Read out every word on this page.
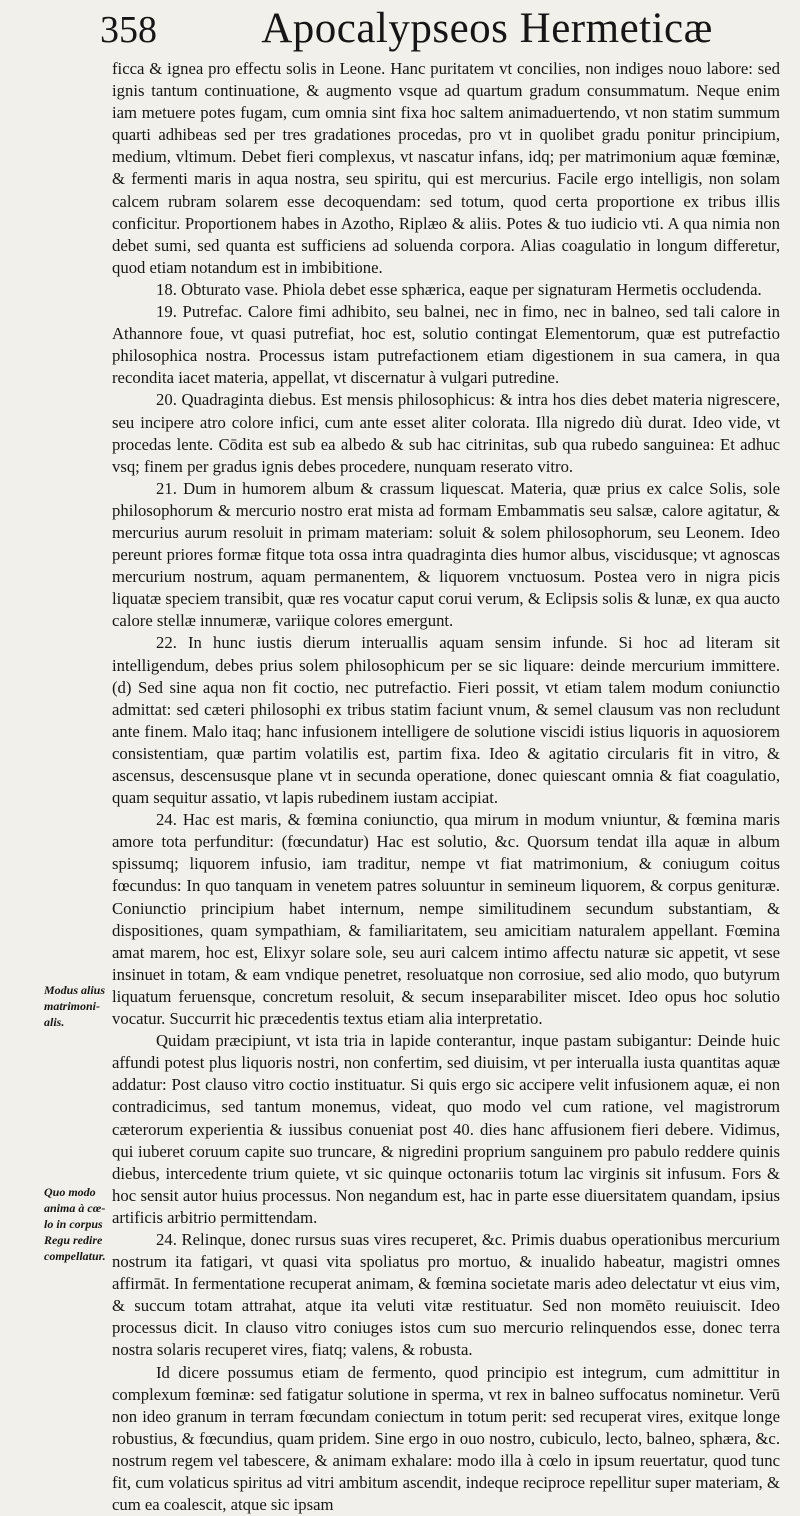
358	Apocalypseos Hermeticæ
Modus alius
matrimoni-
alis.
Quo modo
anima à cœ-
lo in corpus
Regu redire
compellatur.

ficca & ignea pro effectu solis in Leone. Hanc puritatem vt concilies, non indiges nouo labore: sed ignis tantum continuatione, & augmento vsque ad quartum gradum consummatum. Neque enim iam metuere potes fugam, cum omnia sint fixa hoc saltem animaduertendo, vt non statim summum quarti adhibeas sed per tres gradationes procedas, pro vt in quolibet gradu ponitur principium, medium, vltimum. Debet fieri complexus, vt nascatur infans, idq; per matrimonium aquæ fœminæ, & fermenti maris in aqua nostra, seu spiritu, qui est mercurius. Facile ergo intelligis, non solam calcem rubram solarem esse decoquendam: sed totum, quod certa proportione ex tribus illis conficitur. Proportionem habes in Azotho, Riplæo & aliis. Potes & tuo iudicio vti. A qua nimia non debet sumi, sed quanta est sufficiens ad soluenda corpora. Alias coagulatio in longum differetur, quod etiam notandum est in imbibitione.

18. Obturato vase. Phiola debet esse sphærica, eaque per signaturam Hermetis occludenda.

19. Putrefac. Calore fimi adhibito, seu balnei, nec in fimo, nec in balneo, sed tali calore in Athannore foue, vt quasi putrefiat, hoc est, solutio contingat Elementorum, quæ est putrefactio philosophica nostra. Processus istam putrefactionem etiam digestionem in sua camera, in qua recondita iacet materia, appellat, vt discernatur à vulgari putredine.

20. Quadraginta diebus. Est mensis philosophicus: & intra hos dies debet materia nigrescere, seu incipere atro colore infici, cum ante esset aliter colorata. Illa nigredo diù durat. Ideo vide, vt procedas lente. Cōdita est sub ea albedo & sub hac citrinitas, sub qua rubedo sanguinea: Et adhuc vsq; finem per gradus ignis debes procedere, nunquam reserato vitro.

21. Dum in humorem album & crassum liquescat. Materia, quæ prius ex calce Solis, sole philosophorum & mercurio nostro erat mista ad formam Embammatis seu salsæ, calore agitatur, & mercurius aurum resoluit in primam materiam: soluit & solem philosophorum, seu Leonem. Ideo pereunt priores formæ fitque tota ossa intra quadraginta dies humor albus, viscidusque; vt agnoscas mercurium nostrum, aquam permanentem, & liquorem vnctuosum. Postea vero in nigra picis liquatæ speciem transibit, quæ res vocatur caput corui verum, & Eclipsis solis & lunæ, ex qua aucto calore stellæ innumeræ, variique colores emergunt.

22. In hunc iustis dierum interuallis aquam sensim infunde. Si hoc ad literam sit intelligendum, debes prius solem philosophicum per se sic liquare: deinde mercurium immittere. (d) Sed sine aqua non fit coctio, nec putrefactio. Fieri possit, vt etiam talem modum coniunctio admittat: sed cæteri philosophi ex tribus statim faciunt vnum, & semel clausum vas non recludunt ante finem. Malo itaq; hanc infusionem intelligere de solutione viscidi istius liquoris in aquosiorem consistentiam, quæ partim volatilis est, partim fixa. Ideo & agitatio circularis fit in vitro, & ascensus, descensusque plane vt in secunda operatione, donec quiescant omnia & fiat coagulatio, quam sequitur assatio, vt lapis rubedinem iustam accipiat.

24. Hac est maris, & fœmina coniunctio, qua mirum in modum vniuntur, & fœmina maris amore tota perfunditur: (fœcundatur) Hac est solutio, &c. Quorsum tendat illa aquæ in album spissumq; liquorem infusio, iam traditur, nempe vt fiat matrimonium, & coniugum coitus fœcundus: In quo tanquam in venetem patres soluuntur in semineum liquorem, & corpus genituræ. Coniunctio principium habet internum, nempe similitudinem secundum substantiam, & dispositiones, quam sympathiam, & familiaritatem, seu amicitiam naturalem appellant. Fœmina amat marem, hoc est, Elixyr solare sole, seu auri calcem intimo affectu naturæ sic appetit, vt sese insinuet in totam, & eam vndique penetret, resoluatque non corrosiue, sed alio modo, quo butyrum liquatum feruensque, concretum resoluit, & secum inseparabiliter miscet. Ideo opus hoc solutio vocatur. Succurrit hic præcedentis textus etiam alia interpretatio.

Quidam præcipiunt, vt ista tria in lapide conterantur, inque pastam subigantur: Deinde huic affundi potest plus liquoris nostri, non confertim, sed diuisim, vt per interualla iusta quantitas aquæ addatur: Post clauso vitro coctio instituatur. Si quis ergo sic accipere velit infusionem aquæ, ei non contradicimus, sed tantum monemus, videat, quo modo vel cum ratione, vel magistrorum cæterorum experientia & iussibus conueniat post 40. dies hanc affusionem fieri debere. Vidimus, qui iuberet coruum capite suo truncare, & nigredini proprium sanguinem pro pabulo reddere quinis diebus, intercedente trium quiete, vt sic quinque octonariis totum lac virginis sit infusum. Fors & hoc sensit autor huius processus. Non negandum est, hac in parte esse diuersitatem quandam, ipsius artificis arbitrio permittendam.

24. Relinque, donec rursus suas vires recuperet, &c. Primis duabus operationibus mercurium nostrum ita fatigari, vt quasi vita spoliatus pro mortuo, & inualido habeatur, magistri omnes affirmāt. In fermentatione recuperat animam, & fœmina societate maris adeo delectatur vt eius vim, & succum totam attrahat, atque ita veluti vitæ restituatur. Sed non momēto reuiuiscit. Ideo processus dicit. In clauso vitro coniuges istos cum suo mercurio relinquendos esse, donec terra nostra solaris recuperet vires, fiatq; valens, & robusta.

Id dicere possumus etiam de fermento, quod principio est integrum, cum admittitur in complexum fœminæ: sed fatigatur solutione in sperma, vt rex in balneo suffocatus nominetur. Verū non ideo granum in terram fœcundam coniectum in totum perit: sed recuperat vires, exitque longe robustius, & fœcundius, quam pridem. Sine ergo in ouo nostro, cubiculo, lecto, balneo, sphæra, &c. nostrum regem vel tabescere, & animam exhalare: modo illa à cœlo in ipsum reuertatur, quod tunc fit, cum volaticus spiritus ad vitri ambitum ascendit, indeque reciproce repellitur super materiam, & cum ea coalescit, atque sic ipsam
